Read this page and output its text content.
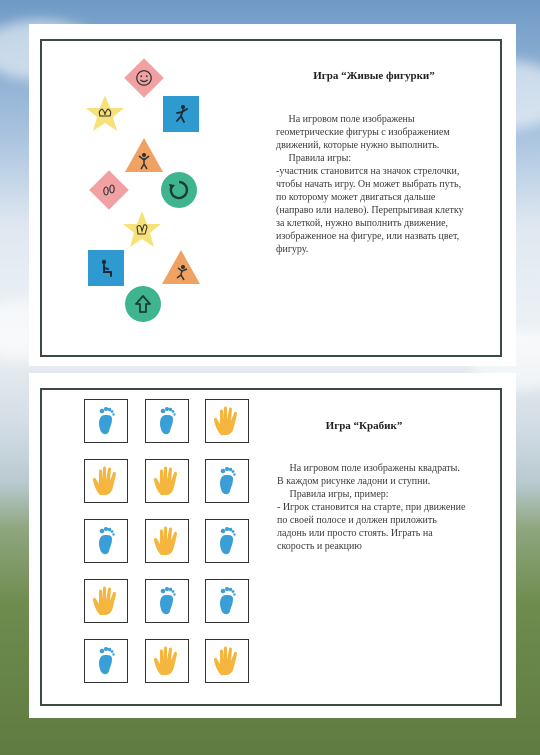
Игра “Живые фигурки”

На игровом поле изображены
геометрические фигуры с изображением
движений, которые нужно выполнить.
Правила игры:
-участник становится на значок стрелочки,
чтобы начать игру. Он может выбрать путь,
по которому может двигаться дальше
(направо или налево). Перепрыгивая клетку
за клеткой, нужно выполнить движение,
изображенное на фигуре, или назвать цвет,
фигуру.

Игра “Крабик”

На игровом поле изображены квадраты.
В каждом рисунке ладони и ступни.
Правила игры, пример:
- Игрок становится на старте, при движение
по своей полосе и должен приложить
ладонь или просто стоять. Играть на
скорость и реакцию
